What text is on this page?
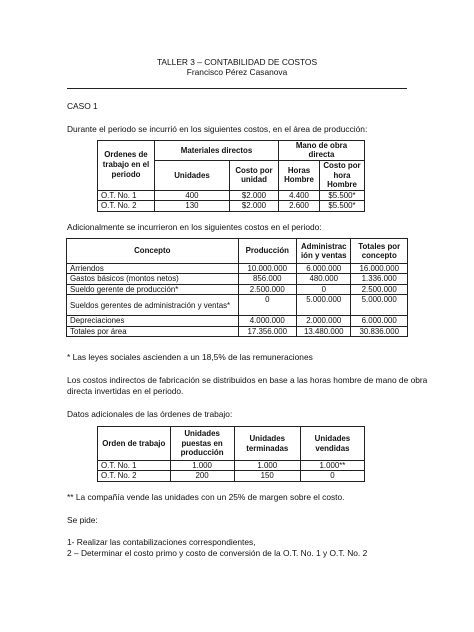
TALLER 3 – CONTABILIDAD DE COSTOS
Francisco Pérez Casanova
CASO 1
Durante el periodo se incurrió en los siguientes costos, en el área de producción:
Ordenes de trabajo en el periodo	Materiales directos		Mano de obra directa	
	Unidades	Costo por unidad	Horas Hombre	Costo por hora Hombre
O.T. No. 1	400	$2.000	4.400	$5.500*
O.T. No. 2	130	$2.000	2.600	$5.500*
Adicionalmente se incurrieron en los siguientes costos en el periodo:
Concepto	Producción	Administración y ventas	Totales por concepto
Arriendos	10.000.000	6.000.000	16.000.000
Gastos básicos (montos netos)	856.000	480.000	1.336.000
Sueldo gerente de producción*	2.500.000	0	2.500.000
Sueldos gerentes de administración y ventas*	0	5.000.000	5.000.000
Depreciaciones	4.000.000	2.000.000	6.000.000
Totales por área	17.356.000	13.480.000	30.836.000
* Las leyes sociales ascienden a un 18,5% de las remuneraciones
Los costos indirectos de fabricación se distribuidos en base a las horas hombre de mano de obra
directa invertidas en el periodo.
Datos adicionales de las órdenes de trabajo:
Orden de trabajo	Unidades puestas en producción	Unidades terminadas	Unidades vendidas
O.T. No. 1	1.000	1.000	1.000**
O.T. No. 2	200	150	0
** La compañía vende las unidades con un 25% de margen sobre el costo.
Se pide:
1- Realizar las contabilizaciones correspondientes,
2 – Determinar el costo primo y costo de conversión de la O.T. No. 1 y O.T. No. 2
